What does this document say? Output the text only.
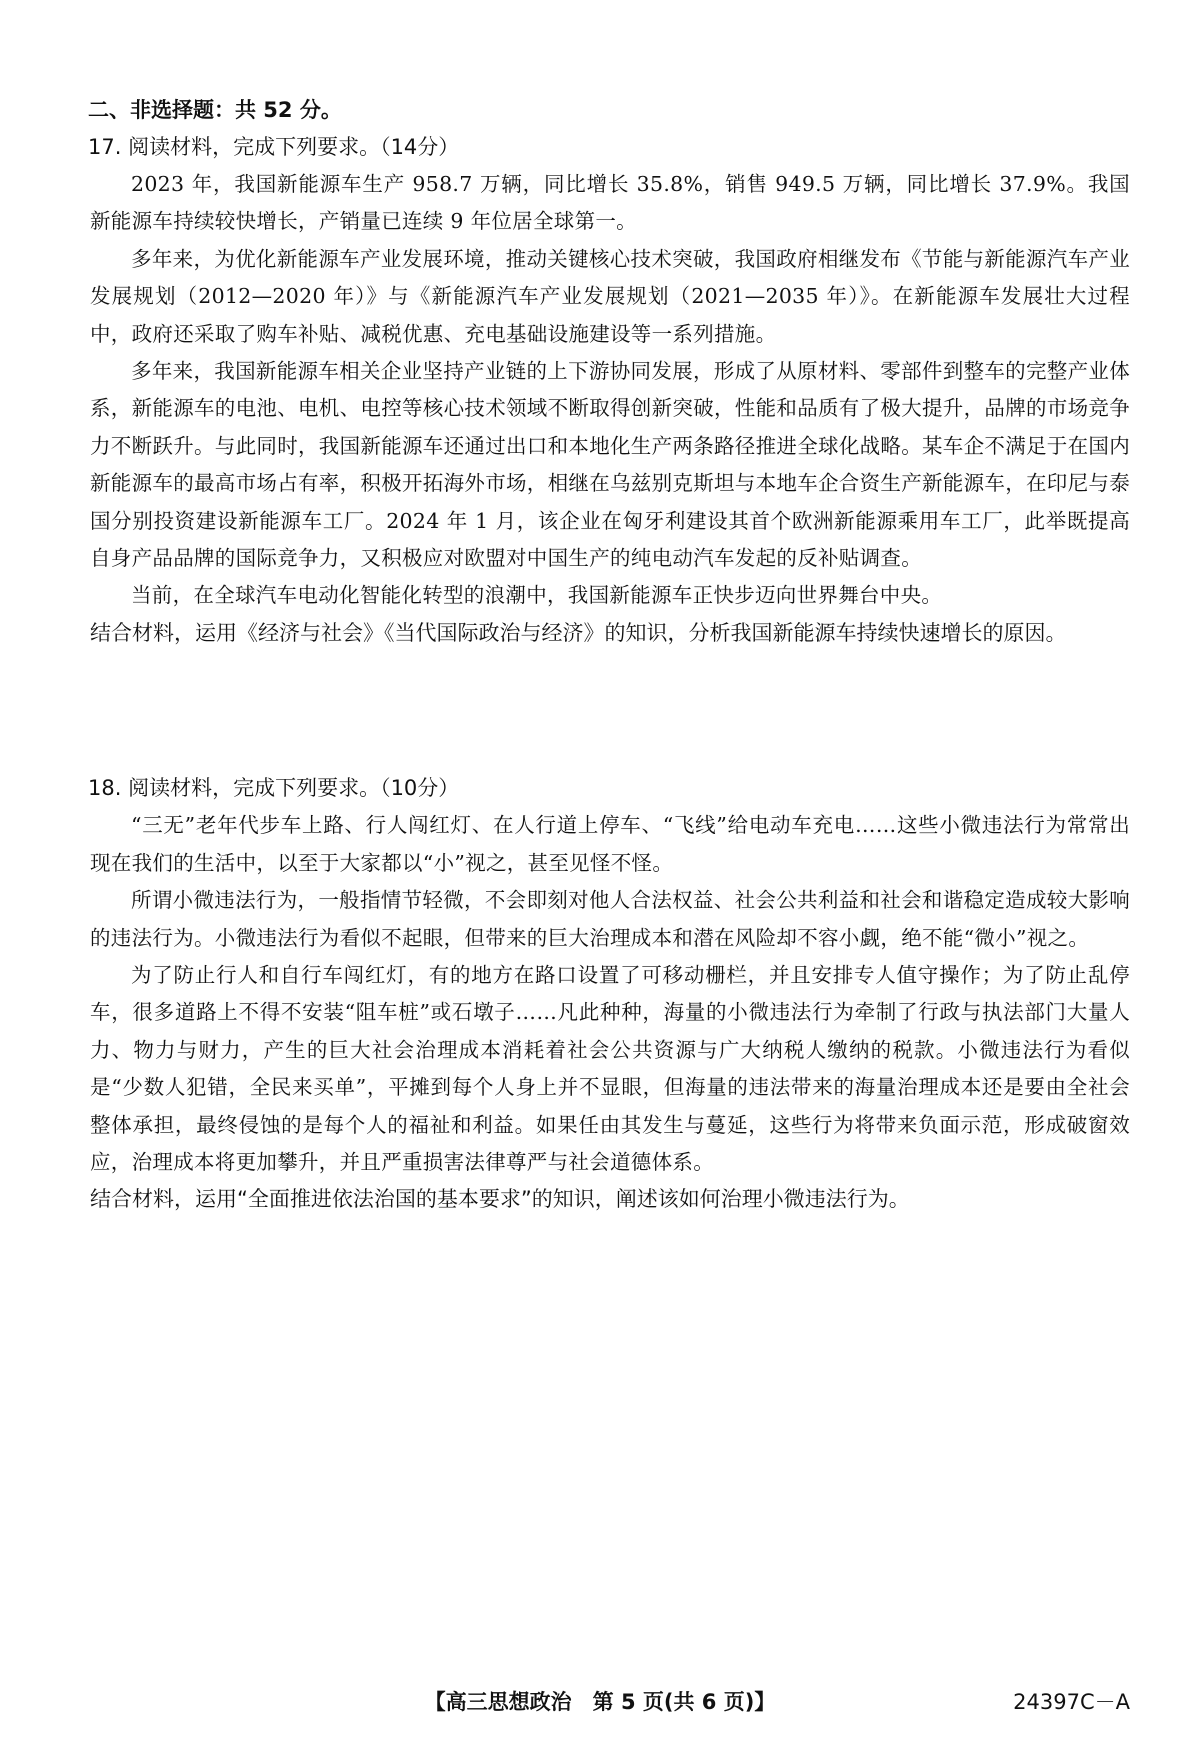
二、非选择题：共 52 分。
17. 阅读材料，完成下列要求。（14分）

2023 年，我国新能源车生产 958.7 万辆，同比增长 35.8%，销售 949.5 万辆，同比增长 37.9%。我国新能源车持续较快增长，产销量已连续 9 年位居全球第一。

多年来，为优化新能源车产业发展环境，推动关键核心技术突破，我国政府相继发布《节能与新能源汽车产业发展规划（2012—2020 年）》与《新能源汽车产业发展规划（2021—2035 年）》。在新能源车发展壮大过程中，政府还采取了购车补贴、减税优惠、充电基础设施建设等一系列措施。

多年来，我国新能源车相关企业坚持产业链的上下游协同发展，形成了从原材料、零部件到整车的完整产业体系，新能源车的电池、电机、电控等核心技术领域不断取得创新突破，性能和品质有了极大提升，品牌的市场竞争力不断跃升。与此同时，我国新能源车还通过出口和本地化生产两条路径推进全球化战略。某车企不满足于在国内新能源车的最高市场占有率，积极开拓海外市场，相继在乌兹别克斯坦与本地车企合资生产新能源车，在印尼与泰国分别投资建设新能源车工厂。2024 年 1 月，该企业在匈牙利建设其首个欧洲新能源乘用车工厂，此举既提高自身产品品牌的国际竞争力，又积极应对欧盟对中国生产的纯电动汽车发起的反补贴调查。

当前，在全球汽车电动化智能化转型的浪潮中，我国新能源车正快步迈向世界舞台中央。

结合材料，运用《经济与社会》《当代国际政治与经济》的知识，分析我国新能源车持续快速增长的原因。

18. 阅读材料，完成下列要求。（10分）

“三无”老年代步车上路、行人闯红灯、在人行道上停车、“飞线”给电动车充电……这些小微违法行为常常出现在我们的生活中，以至于大家都以“小”视之，甚至见怪不怪。

所谓小微违法行为，一般指情节轻微，不会即刻对他人合法权益、社会公共利益和社会和谐稳定造成较大影响的违法行为。小微违法行为看似不起眼，但带来的巨大治理成本和潜在风险却不容小觑，绝不能“微小”视之。

为了防止行人和自行车闯红灯，有的地方在路口设置了可移动栅栏，并且安排专人值守操作；为了防止乱停车，很多道路上不得不安装“阻车桩”或石墩子……凡此种种，海量的小微违法行为牵制了行政与执法部门大量人力、物力与财力，产生的巨大社会治理成本消耗着社会公共资源与广大纳税人缴纳的税款。小微违法行为看似是“少数人犯错，全民来买单”，平摊到每个人身上并不显眼，但海量的违法带来的海量治理成本还是要由全社会整体承担，最终侵蚀的是每个人的福祉和利益。如果任由其发生与蔓延，这些行为将带来负面示范，形成破窗效应，治理成本将更加攀升，并且严重损害法律尊严与社会道德体系。

结合材料，运用“全面推进依法治国的基本要求”的知识，阐述该如何治理小微违法行为。

【高三思想政治　第 5 页(共 6 页)】	24397C－A
